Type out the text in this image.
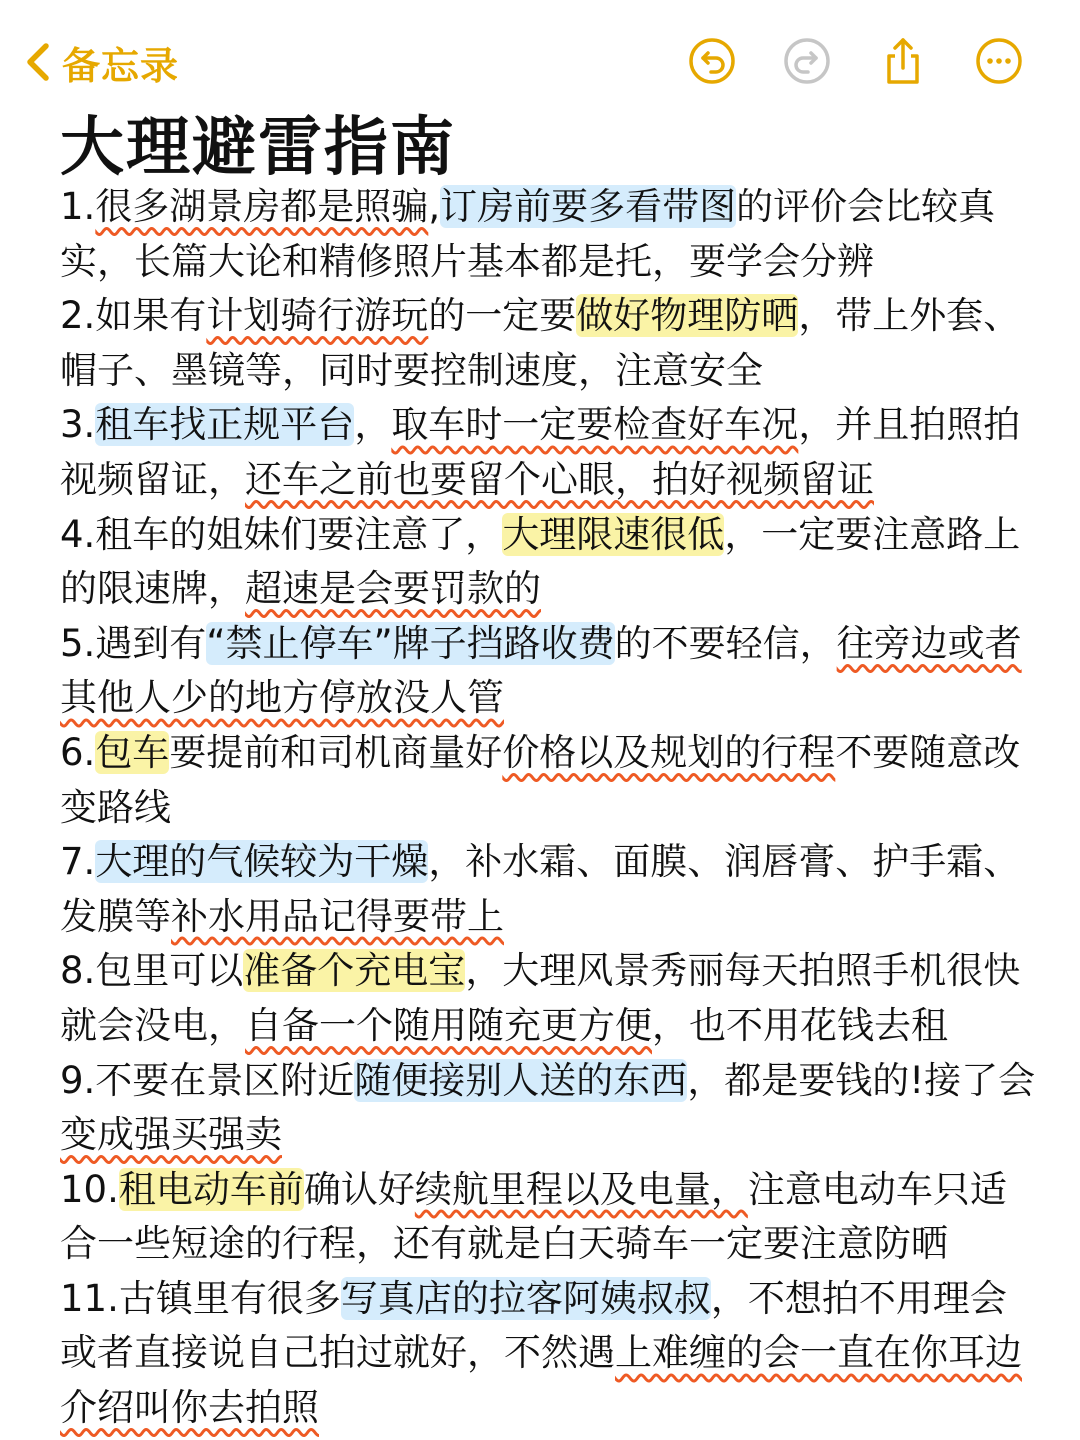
备忘录
大理避雷指南

1.很多湖景房都是照骗,订房前要多看带图的评价会比较真实，长篇大论和精修照片基本都是托，要学会分辨

2.如果有计划骑行游玩的一定要做好物理防晒，带上外套、帽子、墨镜等，同时要控制速度，注意安全

3.租车找正规平台，取车时一定要检查好车况，并且拍照拍视频留证，还车之前也要留个心眼，拍好视频留证

4.租车的姐妹们要注意了，大理限速很低，一定要注意路上的限速牌，超速是会要罚款的

5.遇到有“禁止停车”牌子挡路收费的不要轻信，往旁边或者其他人少的地方停放没人管

6.包车要提前和司机商量好价格以及规划的行程不要随意改变路线

7.大理的气候较为干燥，补水霜、面膜、润唇膏、护手霜、发膜等补水用品记得要带上

8.包里可以准备个充电宝，大理风景秀丽每天拍照手机很快就会没电，自备一个随用随充更方便，也不用花钱去租

9.不要在景区附近随便接别人送的东西，都是要钱的!接了会变成强买强卖

10.租电动车前确认好续航里程以及电量，注意电动车只适合一些短途的行程，还有就是白天骑车一定要注意防晒

11.古镇里有很多写真店的拉客阿姨叔叔，不想拍不用理会或者直接说自己拍过就好，不然遇上难缠的会一直在你耳边介绍叫你去拍照
